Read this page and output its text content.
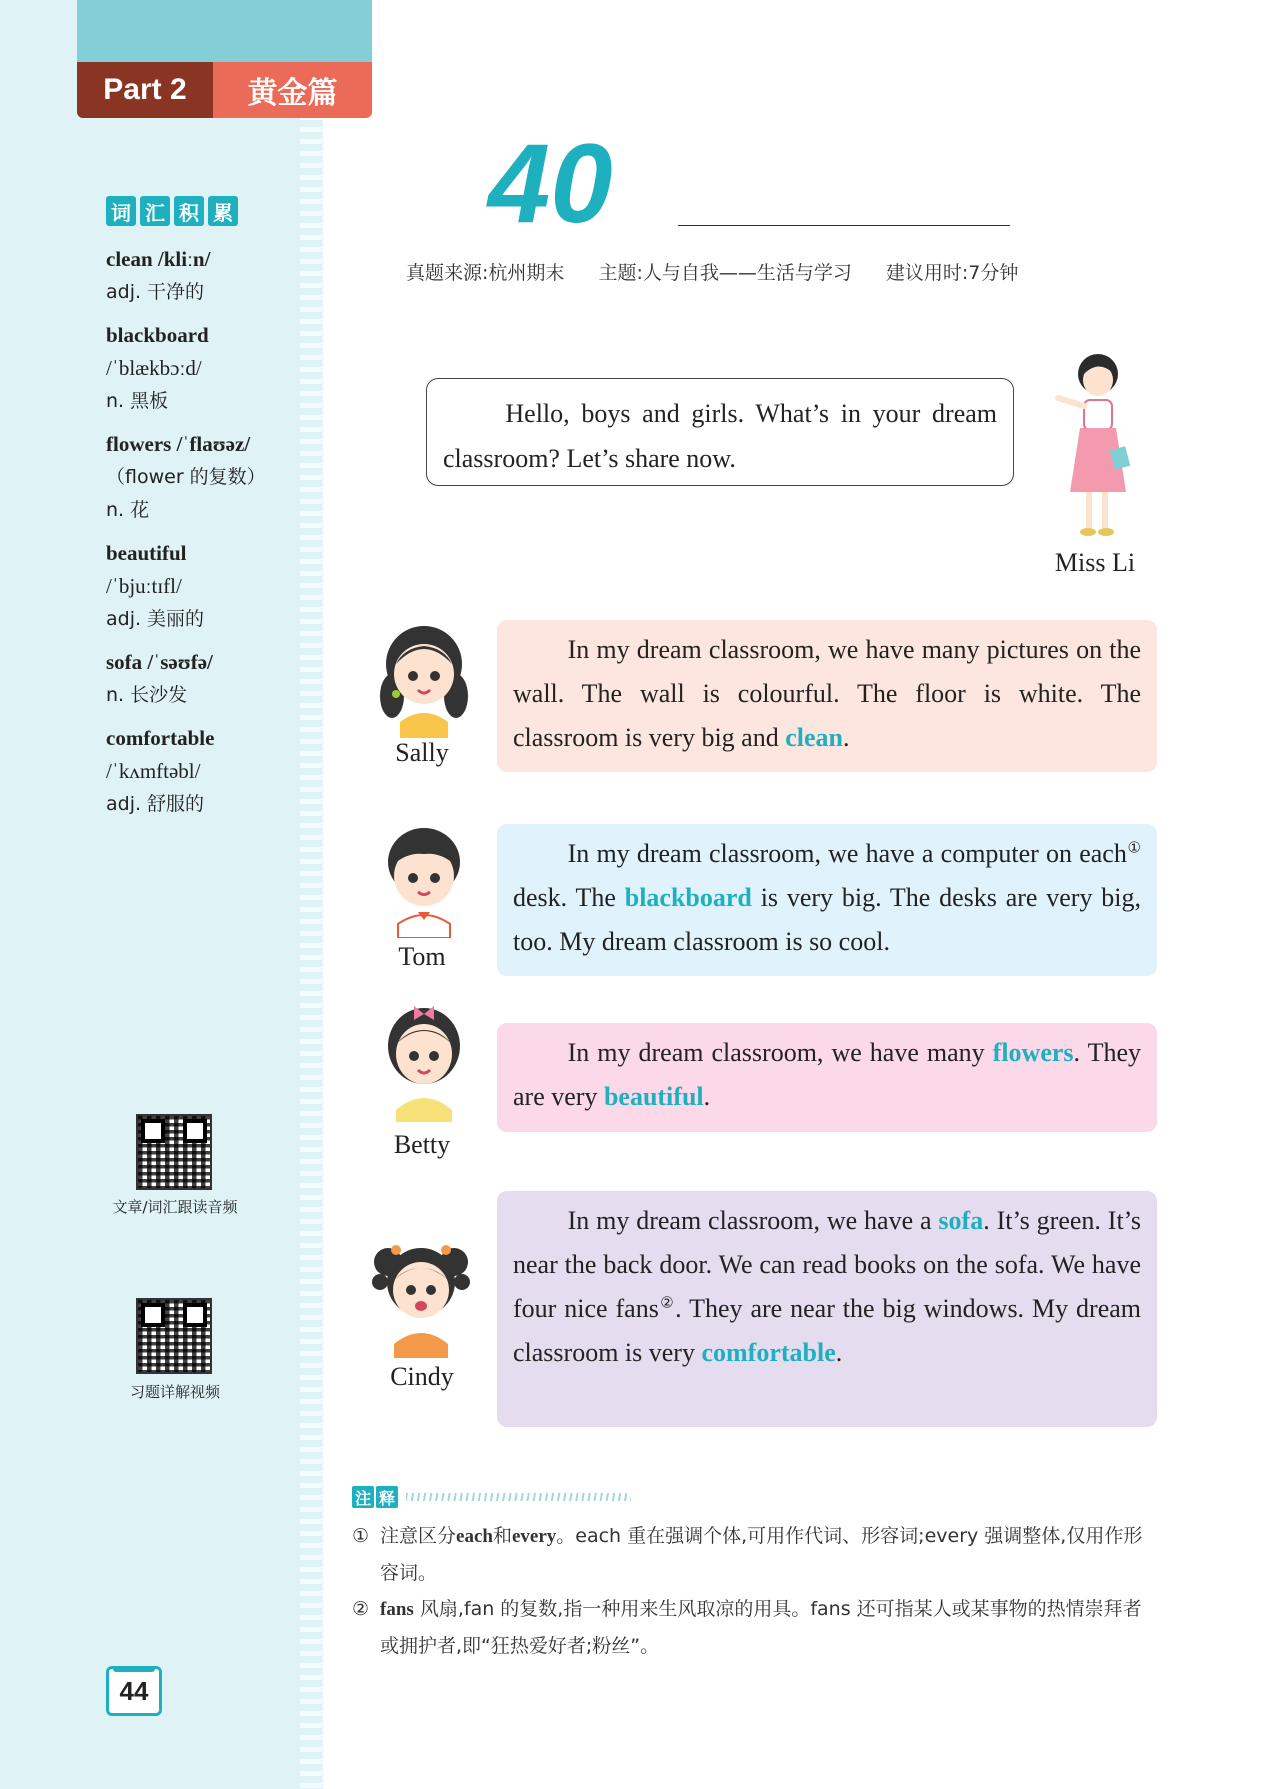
Part 2	黄金篇
词 汇 积 累
clean /kliːn/
adj. 干净的
blackboard
/ˈblækbɔːd/
n. 黑板
flowers /ˈflaʊəz/
（flower 的复数）
n. 花
beautiful
/ˈbjuːtɪfl/
adj. 美丽的
sofa /ˈsəʊfə/
n. 长沙发
comfortable
/ˈkʌmftəbl/
adj. 舒服的
文章/词汇跟读音频
习题详解视频
44
40
真题来源:杭州期末 主题:人与自我——生活与学习 建议用时:7分钟
Hello, boys and girls. What’s in your dream classroom? Let’s share now.
Miss Li
Sally
In my dream classroom, we have many pictures on the wall. The wall is colourful. The floor is white. The classroom is very big and clean.
Tom
In my dream classroom, we have a computer on each① desk. The blackboard is very big. The desks are very big, too. My dream classroom is so cool.
Betty
In my dream classroom, we have many flowers. They are very beautiful.
Cindy
In my dream classroom, we have a sofa. It’s green. It’s near the back door. We can read books on the sofa. We have four nice fans②. They are near the big windows. My dream classroom is very comfortable.
注 释
① 注意区分each和every。each 重在强调个体,可用作代词、形容词;every 强调整体,仅用作形容词。
② fans 风扇,fan 的复数,指一种用来生风取凉的用具。fans 还可指某人或某事物的热情崇拜者或拥护者,即“狂热爱好者;粉丝”。
